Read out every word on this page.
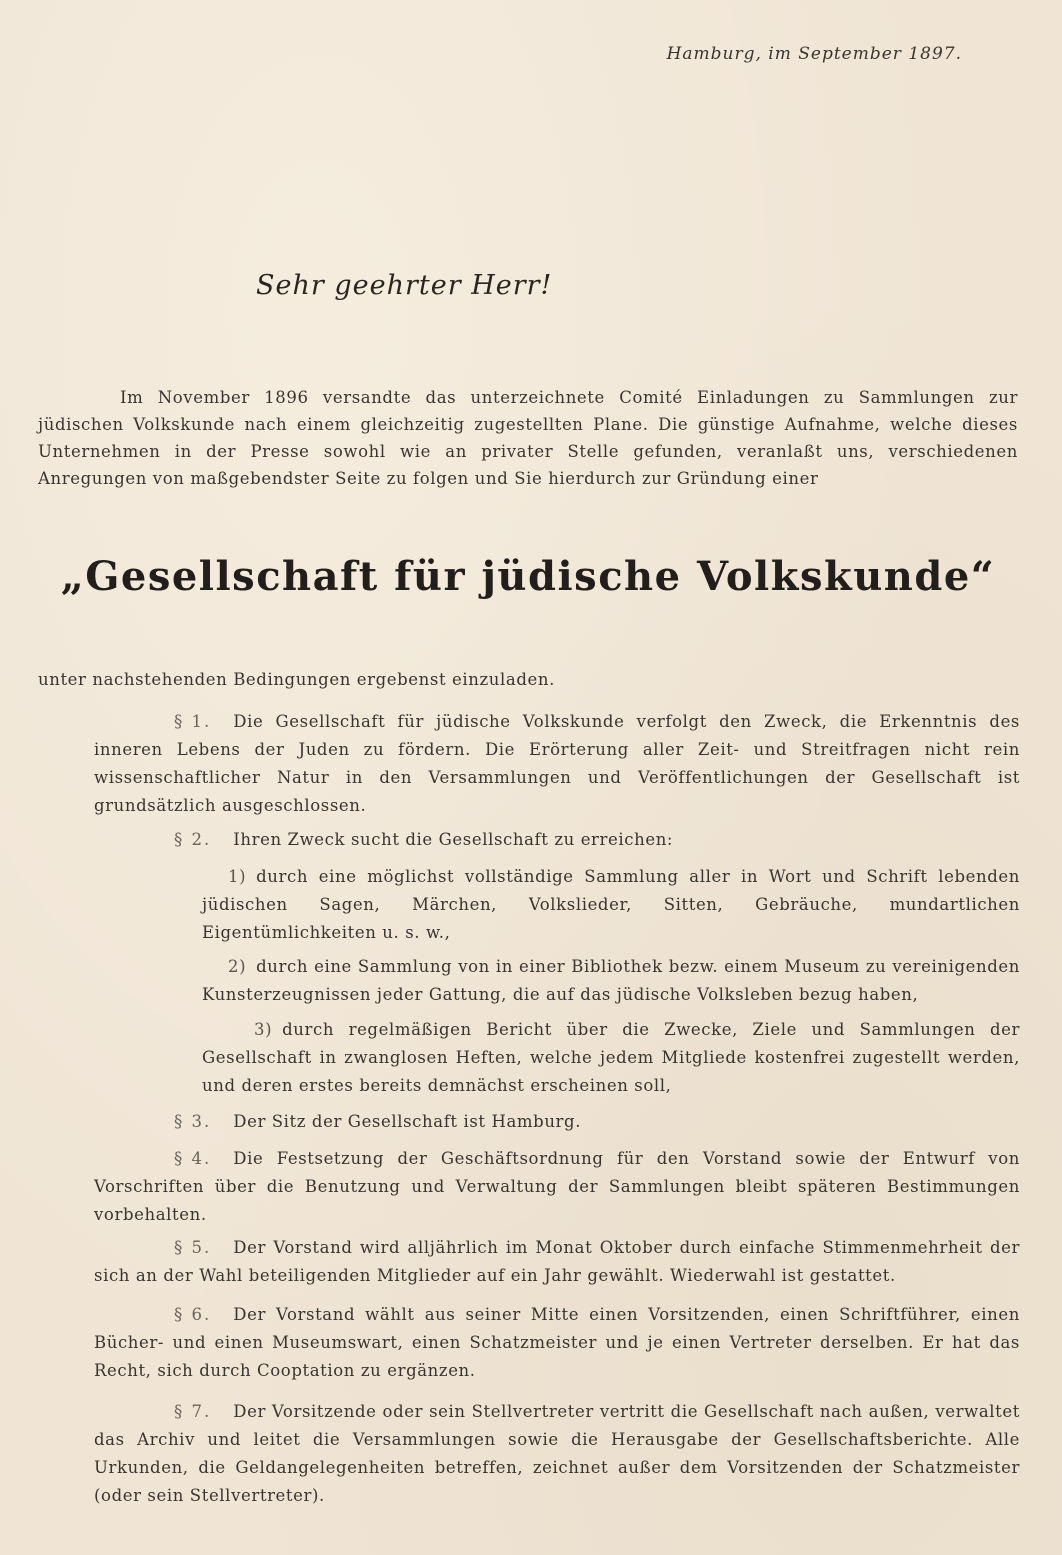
Hamburg, im September 1897.
Sehr geehrter Herr!
Im November 1896 versandte das unterzeichnete Comité Einladungen zu Sammlungen zur jüdischen Volkskunde nach einem gleichzeitig zugestellten Plane. Die günstige Aufnahme, welche dieses Unternehmen in der Presse sowohl wie an privater Stelle gefunden, veranlaßt uns, verschiedenen Anregungen von maßgebendster Seite zu folgen und Sie hierdurch zur Gründung einer
„Gesellschaft für jüdische Volkskunde“
unter nachstehenden Bedingungen ergebenst einzuladen.
§ 1. Die Gesellschaft für jüdische Volkskunde verfolgt den Zweck, die Erkenntnis des inneren Lebens der Juden zu fördern. Die Erörterung aller Zeit- und Streitfragen nicht rein wissenschaftlicher Natur in den Versammlungen und Veröffentlichungen der Gesellschaft ist grundsätzlich ausgeschlossen.
§ 2. Ihren Zweck sucht die Gesellschaft zu erreichen:
1) durch eine möglichst vollständige Sammlung aller in Wort und Schrift lebenden jüdischen Sagen, Märchen, Volkslieder, Sitten, Gebräuche, mundartlichen Eigentümlichkeiten u. s. w.,
2) durch eine Sammlung von in einer Bibliothek bezw. einem Museum zu vereinigenden Kunsterzeugnissen jeder Gattung, die auf das jüdische Volksleben bezug haben,
3) durch regelmäßigen Bericht über die Zwecke, Ziele und Sammlungen der Gesellschaft in zwanglosen Heften, welche jedem Mitgliede kostenfrei zugestellt werden, und deren erstes bereits demnächst erscheinen soll,
§ 3. Der Sitz der Gesellschaft ist Hamburg.
§ 4. Die Festsetzung der Geschäftsordnung für den Vorstand sowie der Entwurf von Vorschriften über die Benutzung und Verwaltung der Sammlungen bleibt späteren Bestimmungen vorbehalten.
§ 5. Der Vorstand wird alljährlich im Monat Oktober durch einfache Stimmenmehrheit der sich an der Wahl beteiligenden Mitglieder auf ein Jahr gewählt. Wiederwahl ist gestattet.
§ 6. Der Vorstand wählt aus seiner Mitte einen Vorsitzenden, einen Schriftführer, einen Bücher- und einen Museumswart, einen Schatzmeister und je einen Vertreter derselben. Er hat das Recht, sich durch Cooptation zu ergänzen.
§ 7. Der Vorsitzende oder sein Stellvertreter vertritt die Gesellschaft nach außen, verwaltet das Archiv und leitet die Versammlungen sowie die Herausgabe der Gesellschaftsberichte. Alle Urkunden, die Geldangelegenheiten betreffen, zeichnet außer dem Vorsitzenden der Schatzmeister (oder sein Stellvertreter).
